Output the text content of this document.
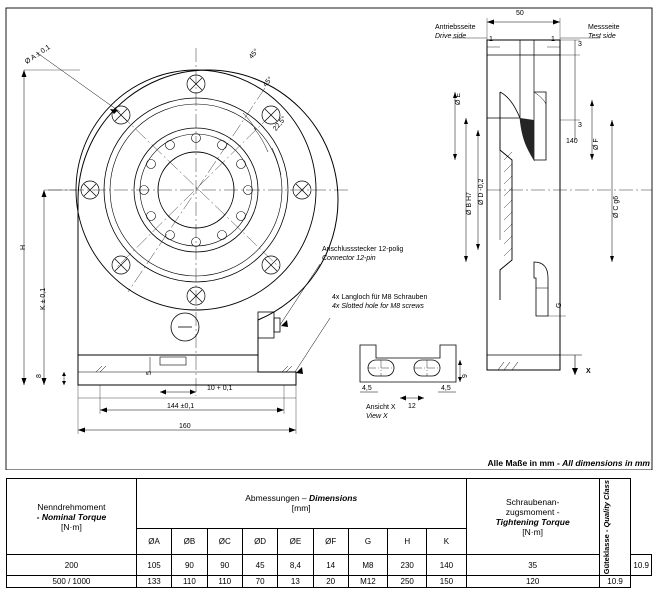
Ø A ± 0,1
H
K ± 0,1
45°
45°
22,5°
Anschlussstecker 12-polig
Connector 12-pin
4x Langloch für M8 Schrauben
4x Slotted hole for M8 screws
8
5
10 + 0,1
144 ±0,1
160
4,5	4,5
12
9
Ansicht X
View X
Antriebsseite
Drive side
Messseite
Test side
50
1	1
3
3
140
Ø E
Ø B H7 Ø D -0,2
Ø F
Ø C g6
G
X
Alle Maße in mm - All dimensions in mm
Nenndrehmoment
- Nominal Torque
[N·m]

Abmessungen – Dimensions
[mm]

Schraubenan-
zugsmoment -
Tightening Torque
[N·m]	Güteklasse - Quality Class

	ØA	ØB	ØC	ØD	ØE	ØF	G	H	K			
200	105	90	90	45	8,4	14	M8	230	140	35		10.9
500 / 1000	133	110	110	70	13	20	M12	250	150	120	10.9	
